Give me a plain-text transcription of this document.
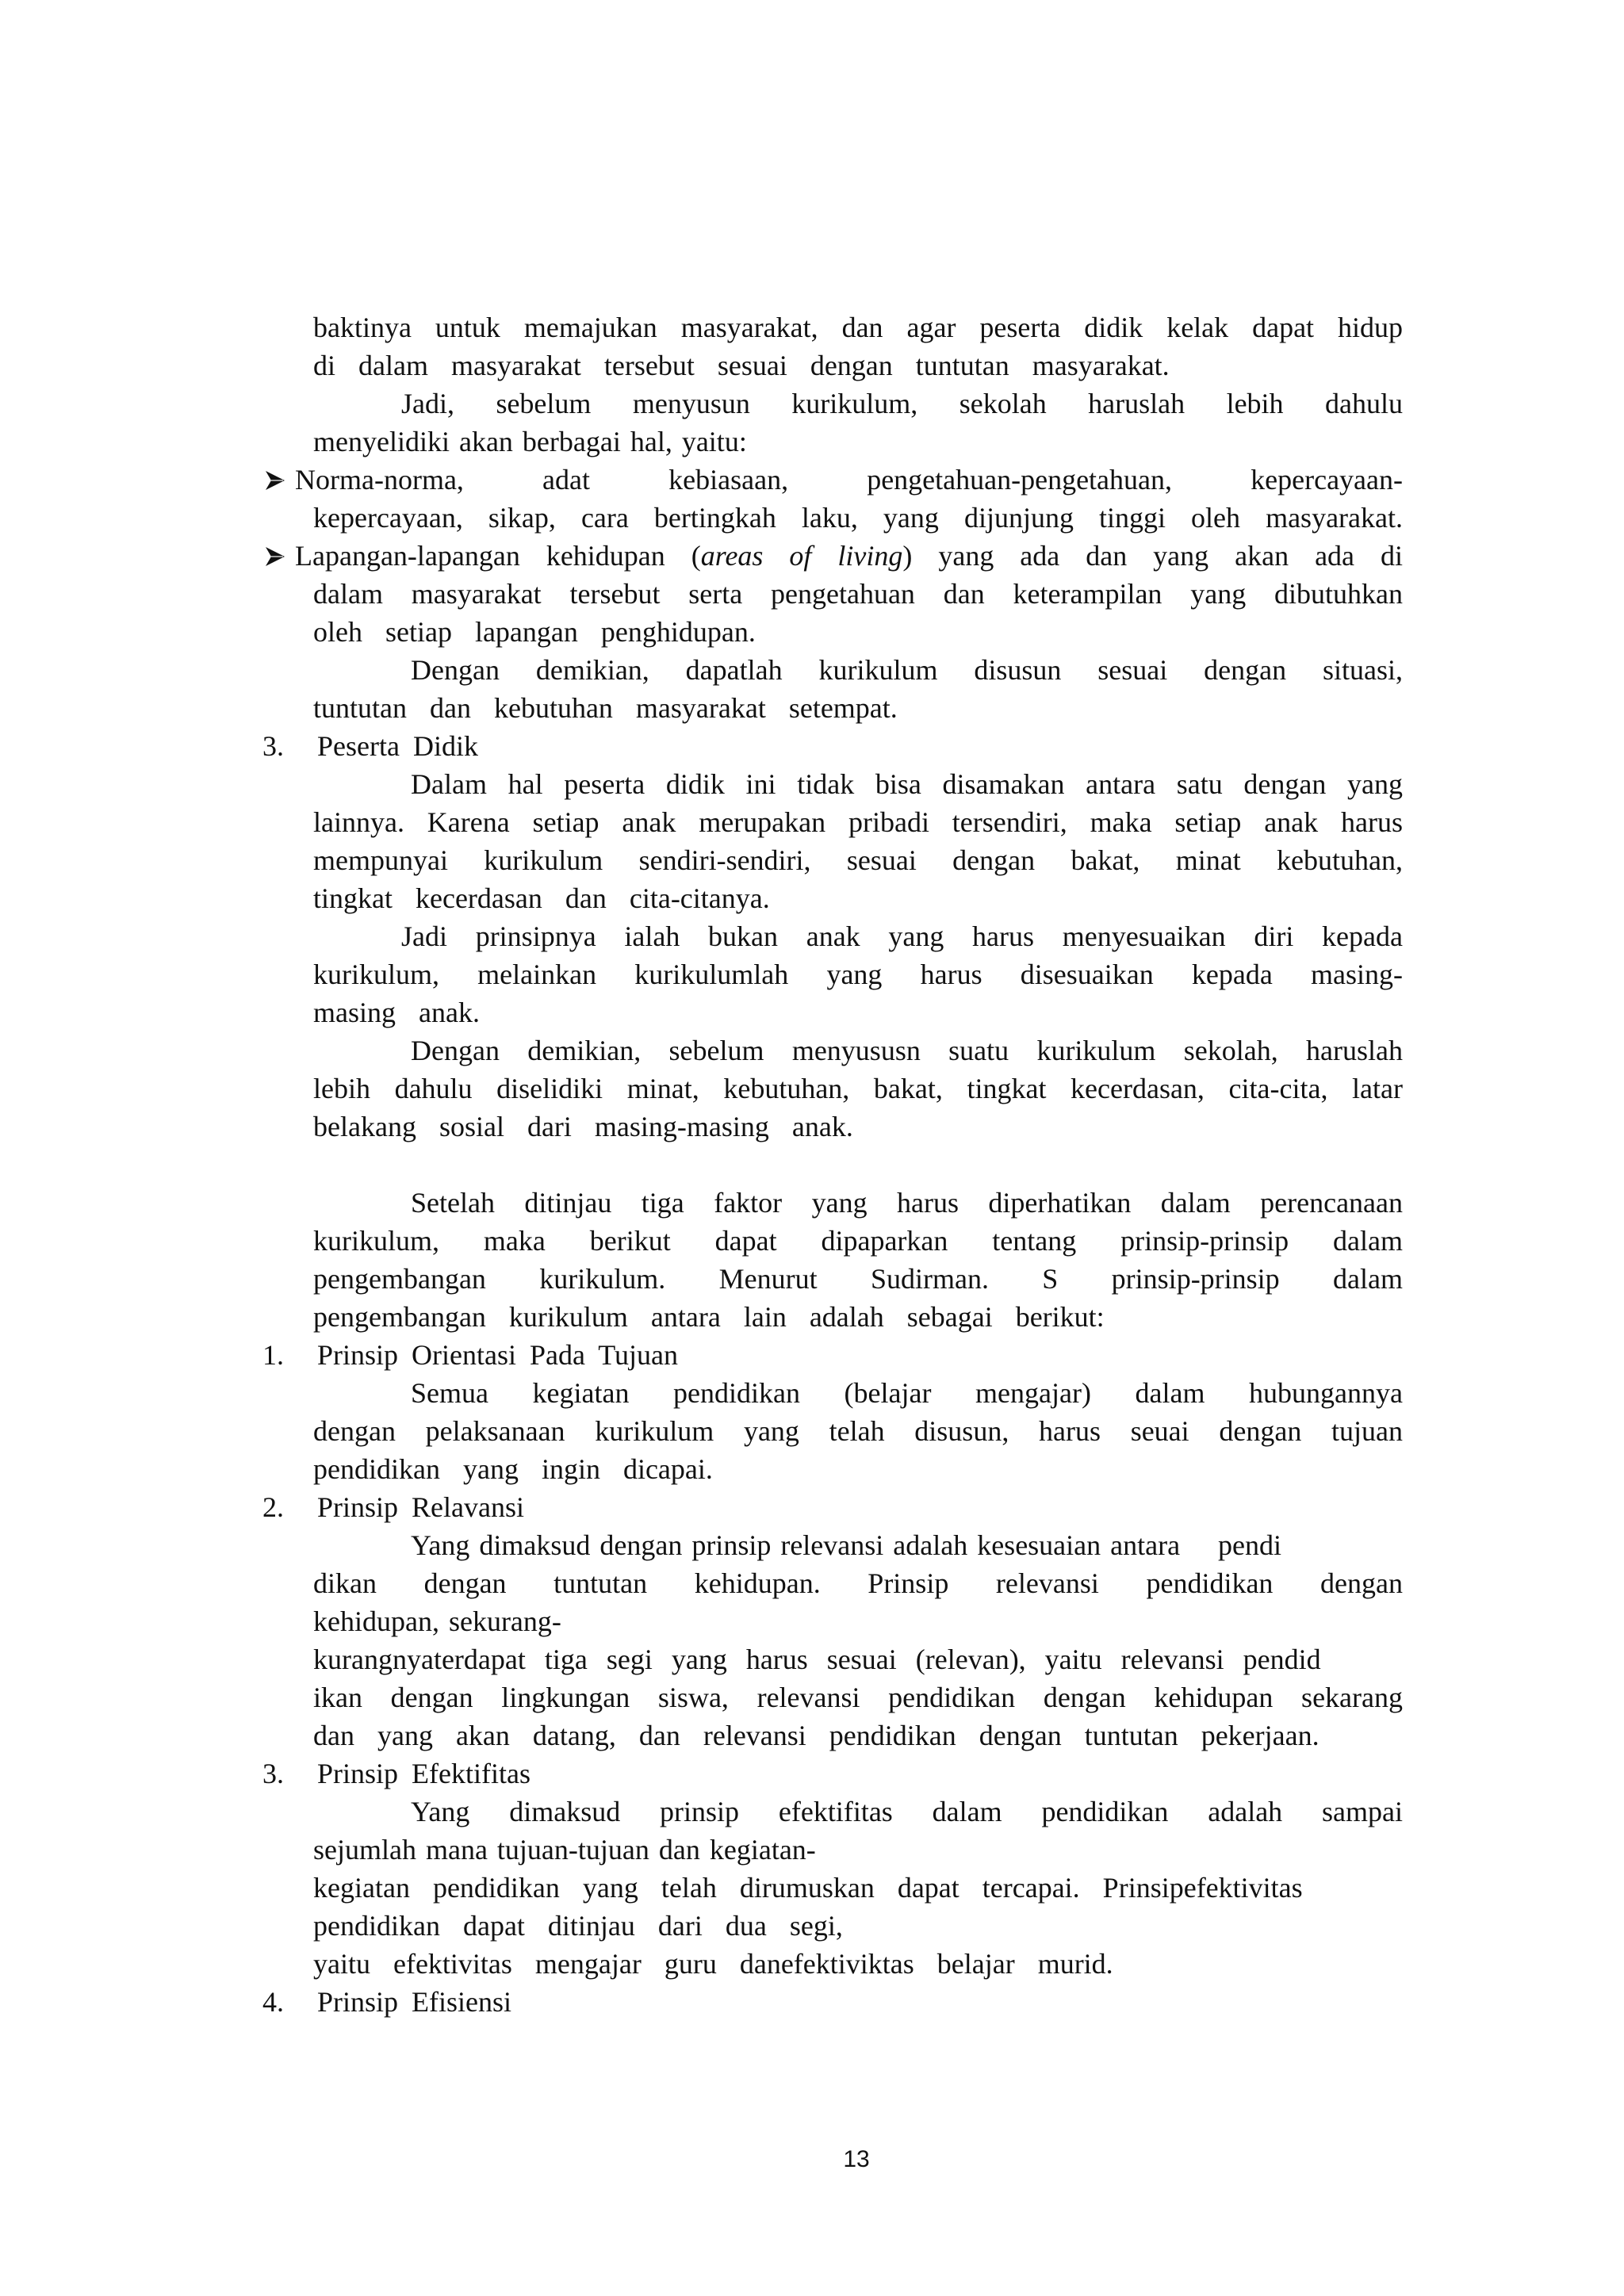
baktinya untuk memajukan masyarakat, dan agar peserta didik kelak dapat hidup
di dalam masyarakat tersebut sesuai dengan tuntutan masyarakat.
Jadi, sebelum menyusun kurikulum, sekolah haruslah lebih dahulu
menyelidiki akan berbagai hal, yaitu:
Norma-norma, adat kebiasaan, pengetahuan-pengetahuan, kepercayaan-
kepercayaan, sikap, cara bertingkah laku, yang dijunjung tinggi oleh masyarakat.
Lapangan-lapangan kehidupan (areas of living) yang ada dan yang akan ada di
dalam masyarakat tersebut serta pengetahuan dan keterampilan yang dibutuhkan
oleh setiap lapangan penghidupan.
Dengan demikian, dapatlah kurikulum disusun sesuai dengan situasi,
tuntutan dan kebutuhan masyarakat setempat.
3. Peserta Didik
Dalam hal peserta didik ini tidak bisa disamakan antara satu dengan yang
lainnya. Karena setiap anak merupakan pribadi tersendiri, maka setiap anak harus
mempunyai kurikulum sendiri-sendiri, sesuai dengan bakat, minat kebutuhan,
tingkat kecerdasan dan cita-citanya.
Jadi prinsipnya ialah bukan anak yang harus menyesuaikan diri kepada
kurikulum, melainkan kurikulumlah yang harus disesuaikan kepada masing-
masing anak.
Dengan demikian, sebelum menyususn suatu kurikulum sekolah, haruslah
lebih dahulu diselidiki minat, kebutuhan, bakat, tingkat kecerdasan, cita-cita, latar
belakang sosial dari masing-masing anak.
Setelah ditinjau tiga faktor yang harus diperhatikan dalam perencanaan
kurikulum, maka berikut dapat dipaparkan tentang prinsip-prinsip dalam
pengembangan kurikulum. Menurut Sudirman. S prinsip-prinsip dalam
pengembangan kurikulum antara lain adalah sebagai berikut:
1. Prinsip Orientasi Pada Tujuan
Semua kegiatan pendidikan (belajar mengajar) dalam hubungannya
dengan pelaksanaan kurikulum yang telah disusun, harus seuai dengan tujuan
pendidikan yang ingin dicapai.
2. Prinsip Relavansi
Yang dimaksud dengan prinsip relevansi adalah kesesuaian antara    pendi
dikan dengan tuntutan kehidupan. Prinsip relevansi pendidikan dengan
kehidupan, sekurang-
kurangnyaterdapat tiga segi yang harus sesuai (relevan), yaitu relevansi pendid
ikan dengan lingkungan siswa, relevansi pendidikan dengan kehidupan sekarang
dan yang akan datang, dan relevansi pendidikan dengan tuntutan pekerjaan.
3. Prinsip Efektifitas
Yang dimaksud prinsip efektifitas dalam pendidikan adalah sampai
sejumlah mana tujuan-tujuan dan kegiatan-
kegiatan pendidikan yang telah dirumuskan dapat tercapai. Prinsipefektivitas
pendidikan dapat ditinjau dari dua segi,
yaitu efektivitas mengajar guru danefektiviktas belajar murid.
4. Prinsip Efisiensi
13
